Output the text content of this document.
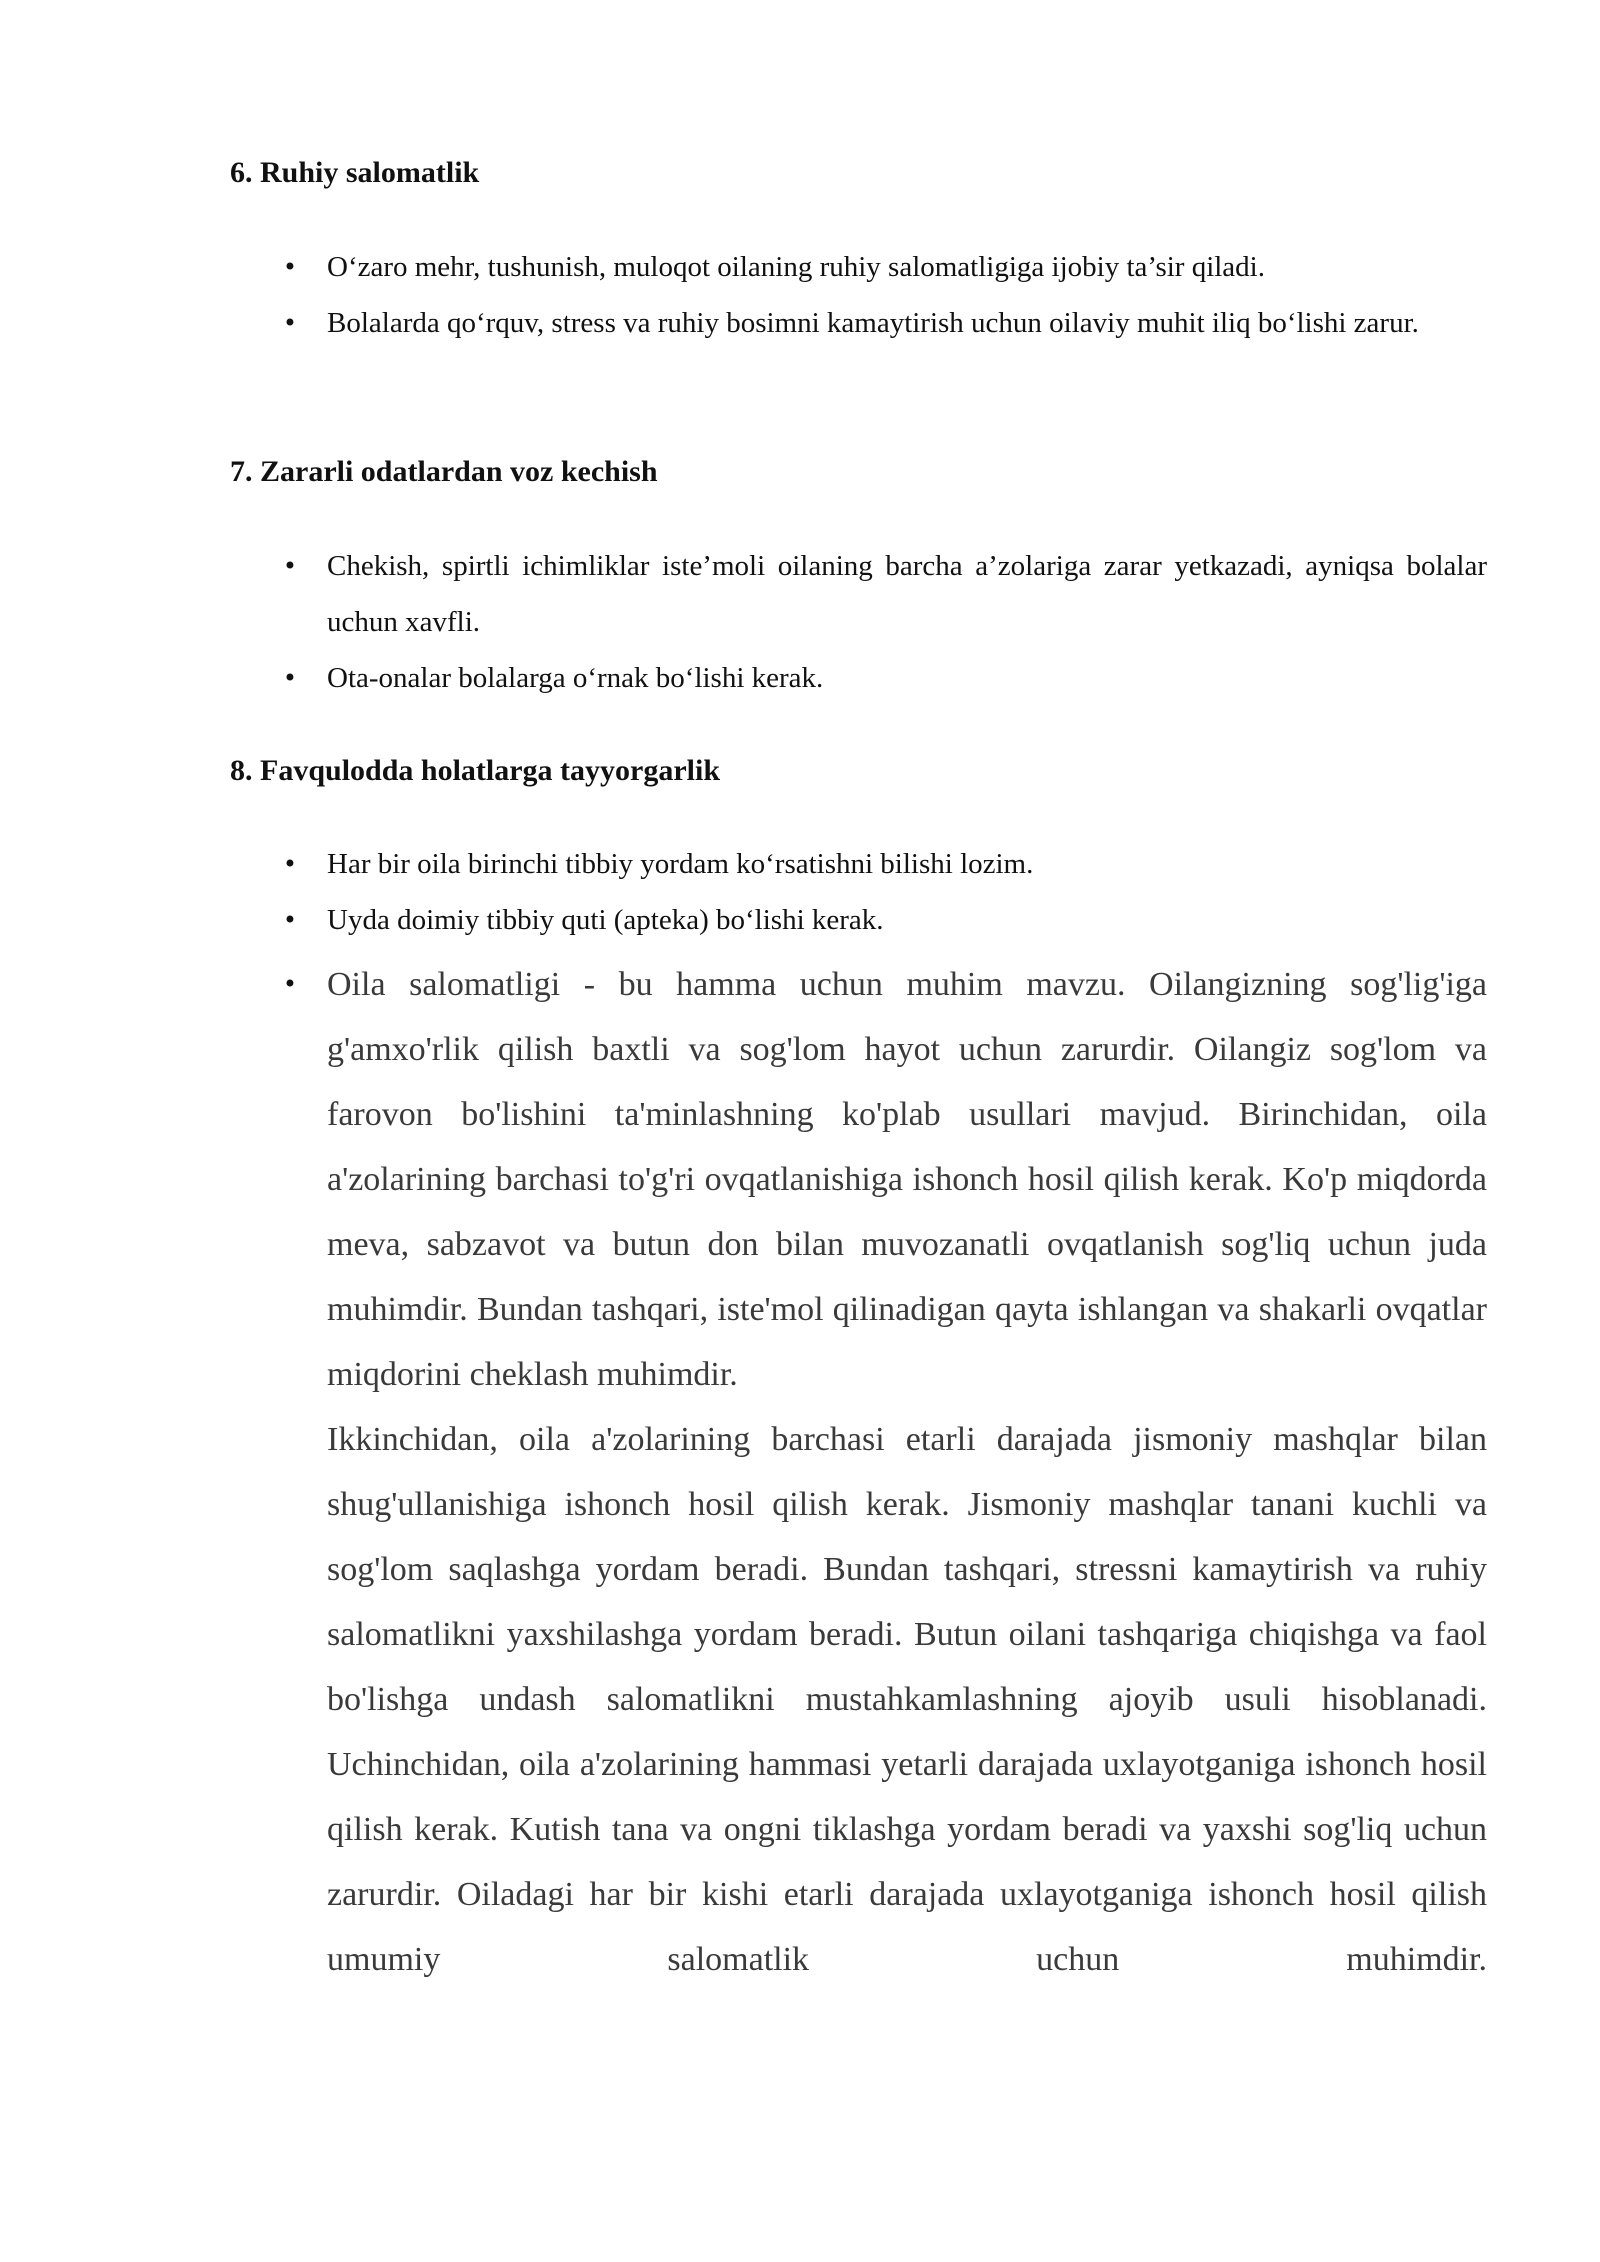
6. Ruhiy salomatlik
• O‘zaro mehr, tushunish, muloqot oilaning ruhiy salomatligiga ijobiy ta’sir qiladi.
• Bolalarda qo‘rquv, stress va ruhiy bosimni kamaytirish uchun oilaviy muhit iliq bo‘lishi zarur.
7. Zararli odatlardan voz kechish
• Chekish, spirtli ichimliklar iste’moli oilaning barcha a’zolariga zarar yetkazadi, ayniqsa bolalar uchun xavfli.
• Ota-onalar bolalarga o‘rnak bo‘lishi kerak.
8. Favqulodda holatlarga tayyorgarlik
• Har bir oila birinchi tibbiy yordam ko‘rsatishni bilishi lozim.
• Uyda doimiy tibbiy quti (apteka) bo‘lishi kerak.
• Oila salomatligi - bu hamma uchun muhim mavzu. Oilangizning sog'lig'iga g'amxo'rlik qilish baxtli va sog'lom hayot uchun zarurdir. Oilangiz sog'lom va farovon bo'lishini ta'minlashning ko'plab usullari mavjud. Birinchidan, oila a'zolarining barchasi to'g'ri ovqatlanishiga ishonch hosil qilish kerak. Ko'p miqdorda meva, sabzavot va butun don bilan muvozanatli ovqatlanish sog'liq uchun juda muhimdir. Bundan tashqari, iste'mol qilinadigan qayta ishlangan va shakarli ovqatlar miqdorini cheklash muhimdir.

Ikkinchidan, oila a'zolarining barchasi etarli darajada jismoniy mashqlar bilan shug'ullanishiga ishonch hosil qilish kerak. Jismoniy mashqlar tanani kuchli va sog'lom saqlashga yordam beradi. Bundan tashqari, stressni kamaytirish va ruhiy salomatlikni yaxshilashga yordam beradi. Butun oilani tashqariga chiqishga va faol bo'lishga undash salomatlikni mustahkamlashning ajoyib usuli hisoblanadi.

Uchinchidan, oila a'zolarining hammasi yetarli darajada uxlayotganiga ishonch hosil qilish kerak. Kutish tana va ongni tiklashga yordam beradi va yaxshi sog'liq uchun zarurdir. Oiladagi har bir kishi etarli darajada uxlayotganiga ishonch hosil qilish umumiy salomatlik uchun muhimdir.
